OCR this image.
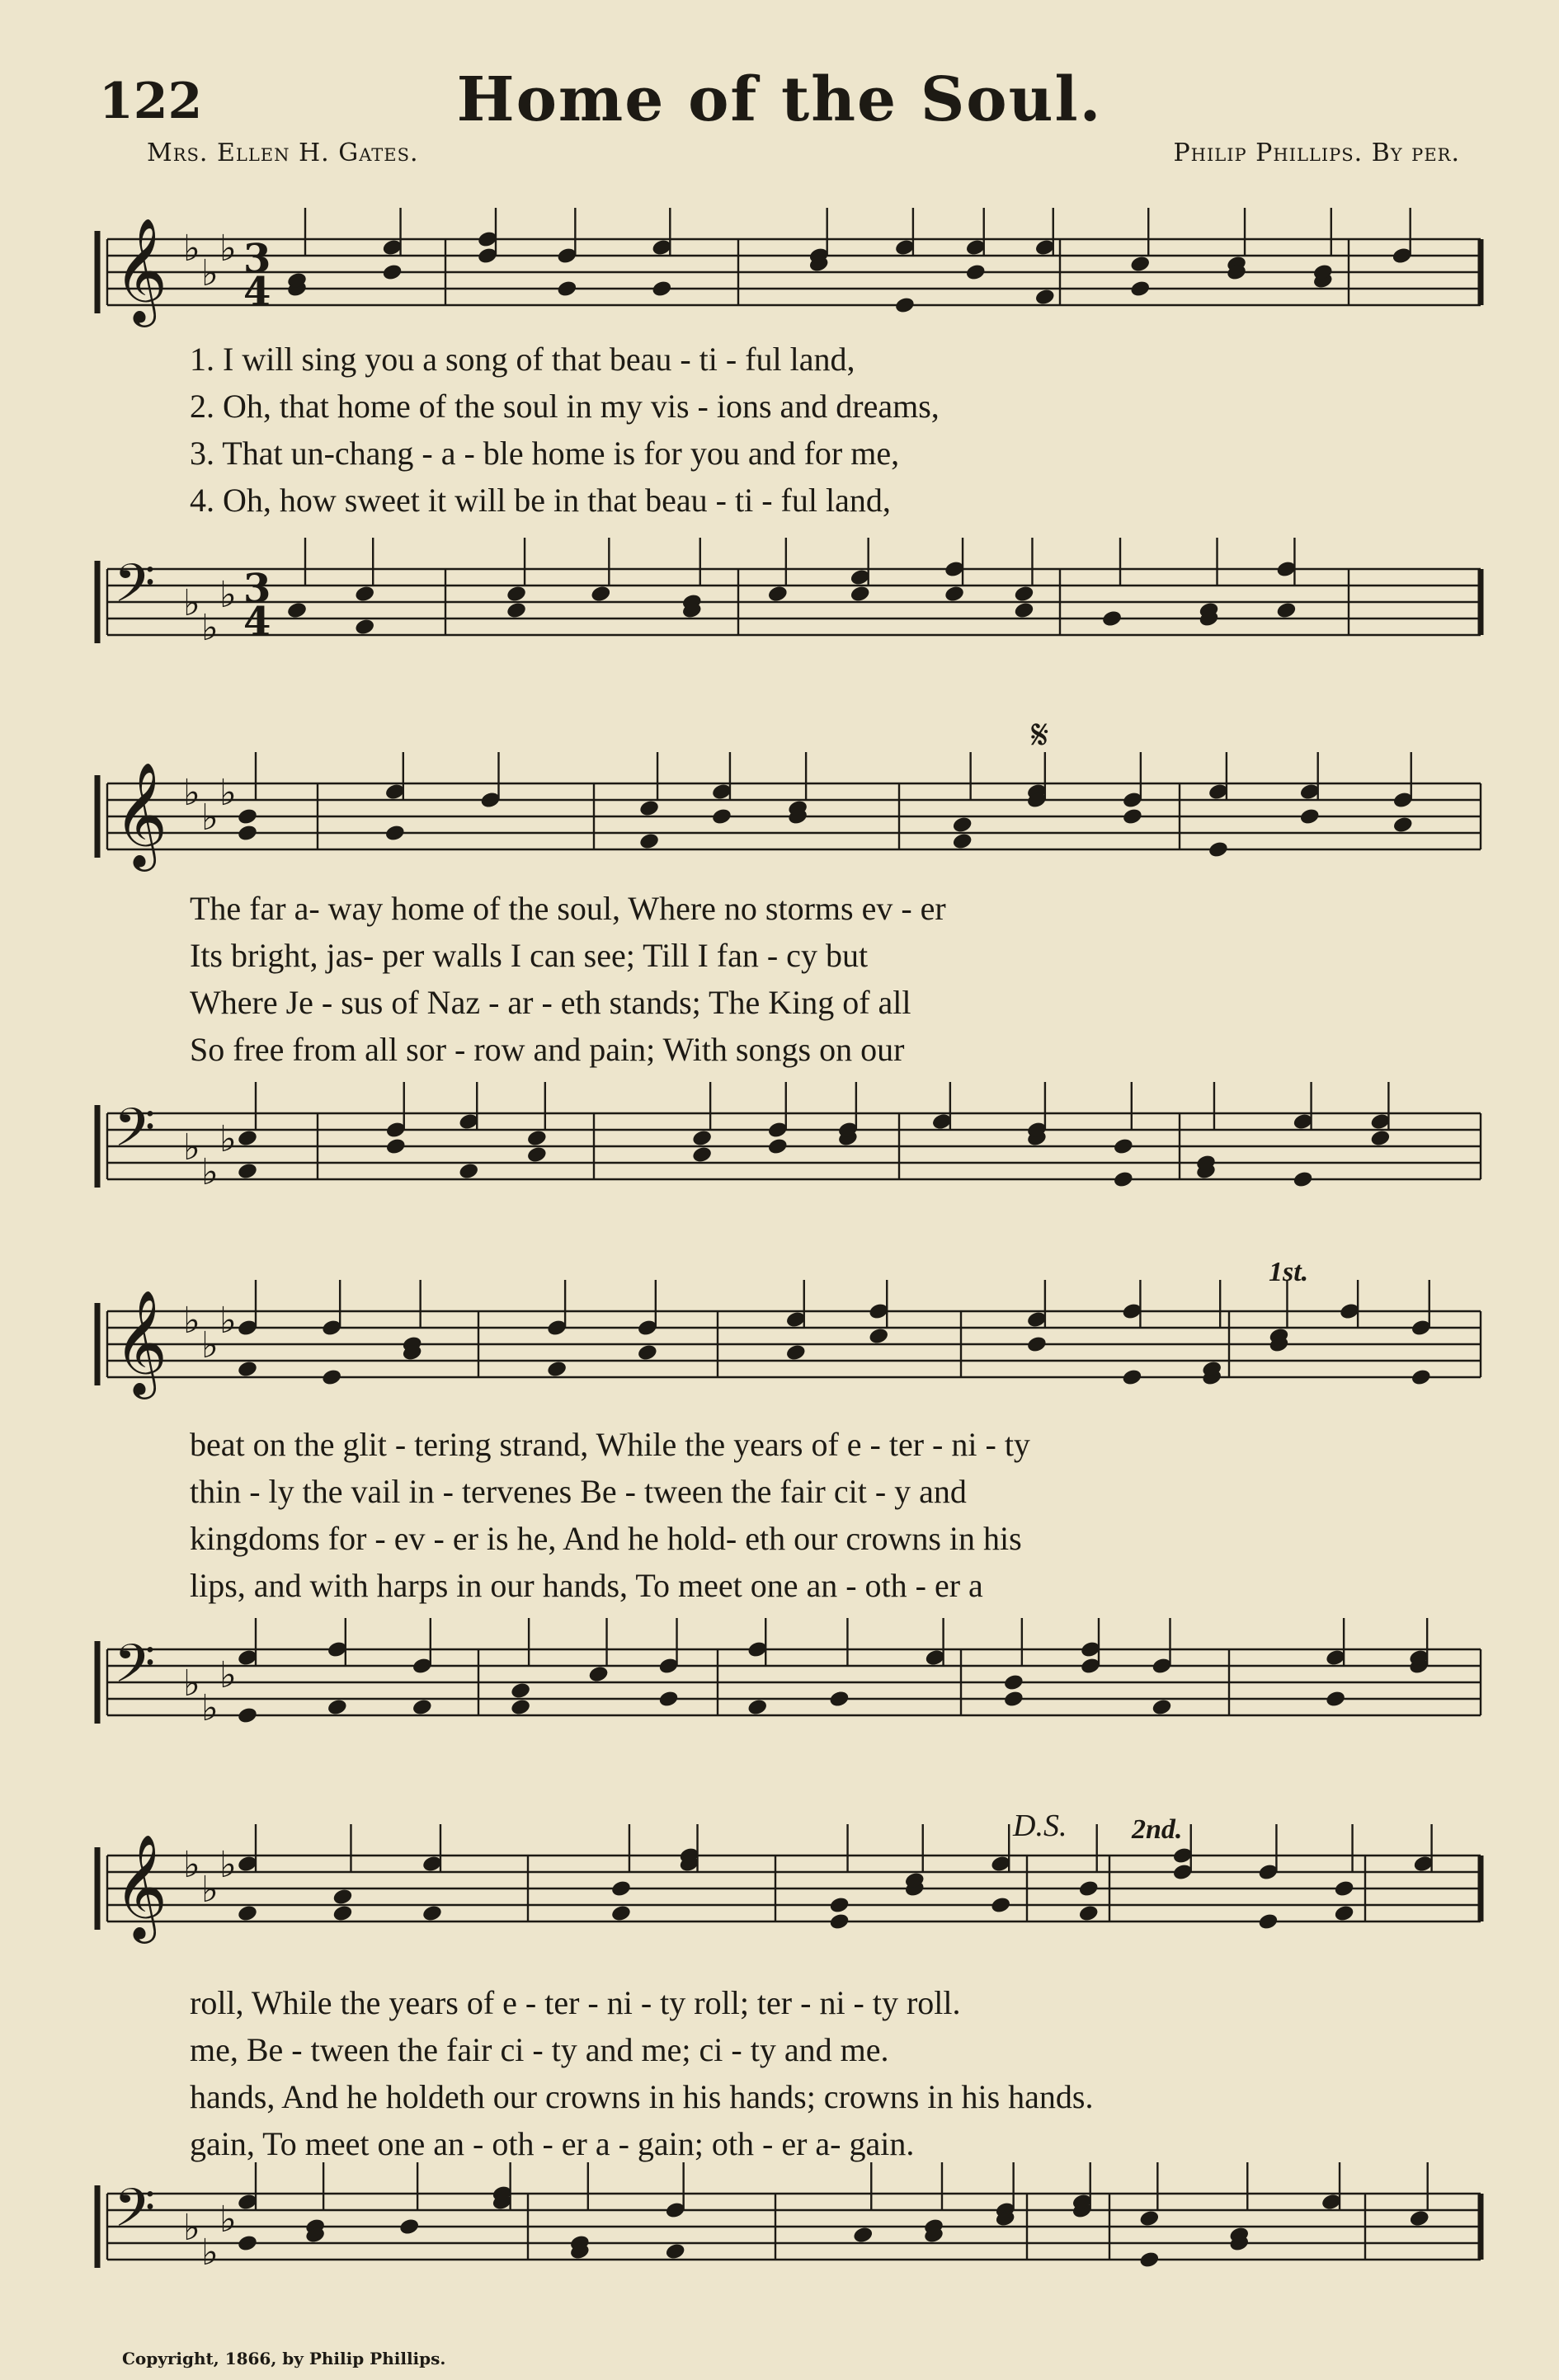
122	Home of the Soul.
Mrs. Ellen H. Gates.	Philip Phillips. By per.
𝄞 ♭
♭
♭ 3
4
1. I will sing you a song of that beau - ti - ful land,
2. Oh, that home of the soul in my vis - ions and dreams,
3. That un-chang - a - ble home is for you and for me,
4. Oh, how sweet it will be in that beau - ti - ful land,
𝄢 ♭
♭
♭ 3
4
𝄋
𝄞 ♭
♭
♭
The far a- way home of the soul, Where no storms ev - er
Its bright, jas- per walls I can see; Till I fan - cy but
Where Je - sus of Naz - ar - eth stands; The King of all
So free from all sor - row and pain; With songs on our
𝄢 ♭
♭
♭
1st.
𝄞 ♭
♭
♭
beat on the glit - tering strand, While the years of e - ter - ni - ty
thin - ly the vail in - tervenes Be - tween the fair cit - y and
kingdoms for - ev - er is he, And he hold- eth our crowns in his
lips, and with harps in our hands, To meet one an - oth - er a
𝄢 ♭
♭
♭
D.S. 2nd.
𝄞 ♭
♭
♭
roll, While the years of e - ter - ni - ty roll; ter - ni - ty roll.
me, Be - tween the fair ci - ty and me; ci - ty and me.
hands, And he holdeth our crowns in his hands; crowns in his hands.
gain, To meet one an - oth - er a - gain; oth - er a- gain.
𝄢 ♭
♭
♭
Copyright, 1866, by Philip Phillips.
